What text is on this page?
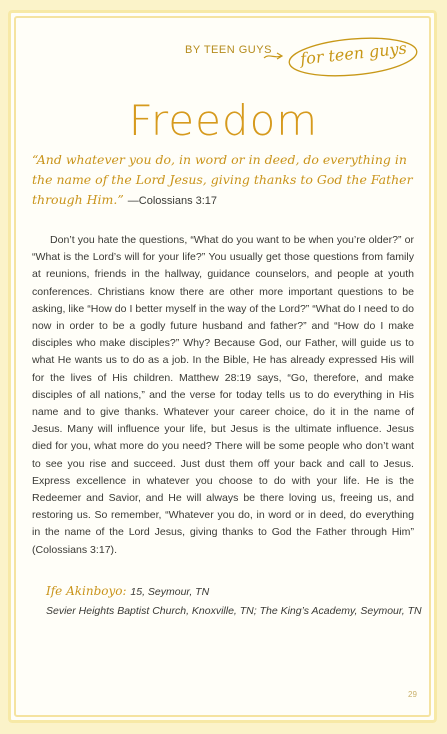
BY TEEN GUYS for teen guys
Freedom
“And whatever you do, in word or in deed, do everything in the name of the Lord Jesus, giving thanks to God the Father through Him.” —Colossians 3:17
Don’t you hate the questions, “What do you want to be when you’re older?” or “What is the Lord’s will for your life?” You usually get those questions from family at reunions, friends in the hallway, guidance counselors, and people at youth conferences. Christians know there are other more important questions to be asking, like “How do I better myself in the way of the Lord?” “What do I need to do now in order to be a godly future husband and father?” and “How do I make disciples who make disciples?” Why? Because God, our Father, will guide us to what He wants us to do as a job. In the Bible, He has already expressed His will for the lives of His children. Matthew 28:19 says, “Go, therefore, and make disciples of all nations,” and the verse for today tells us to do everything in His name and to give thanks. Whatever your career choice, do it in the name of Jesus. Many will influence your life, but Jesus is the ultimate influence. Jesus died for you, what more do you need? There will be some people who don’t want to see you rise and succeed. Just dust them off your back and call to Jesus. Express excellence in whatever you choose to do with your life. He is the Redeemer and Savior, and He will always be there loving us, freeing us, and restoring us. So remember, “Whatever you do, in word or in deed, do everything in the name of the Lord Jesus, giving thanks to God the Father through Him” (Colossians 3:17).
Ife Akinboyo: 15, Seymour, TN
Sevier Heights Baptist Church, Knoxville, TN; The King’s Academy, Seymour, TN
29
